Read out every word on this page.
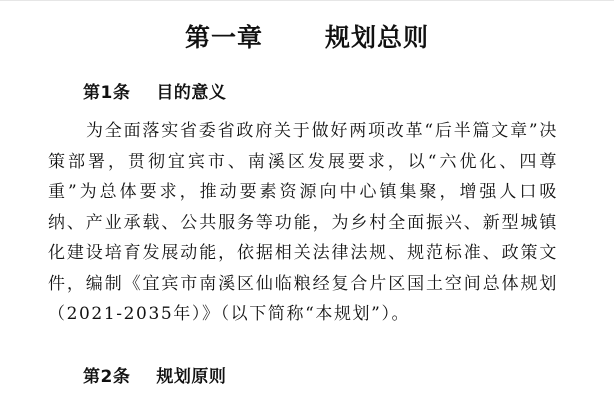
第一章 规划总则
第1条 目的意义

为全面落实省委省政府关于做好两项改革“后半篇文章”决策部署，贯彻宜宾市、南溪区发展要求，以“六优化、四尊重”为总体要求，推动要素资源向中心镇集聚，增强人口吸纳、产业承载、公共服务等功能，为乡村全面振兴、新型城镇化建设培育发展动能，依据相关法律法规、规范标准、政策文件，编制《宜宾市南溪区仙临粮经复合片区国土空间总体规划（2021-2035年）》（以下简称“本规划”）。

第2条 规划原则
